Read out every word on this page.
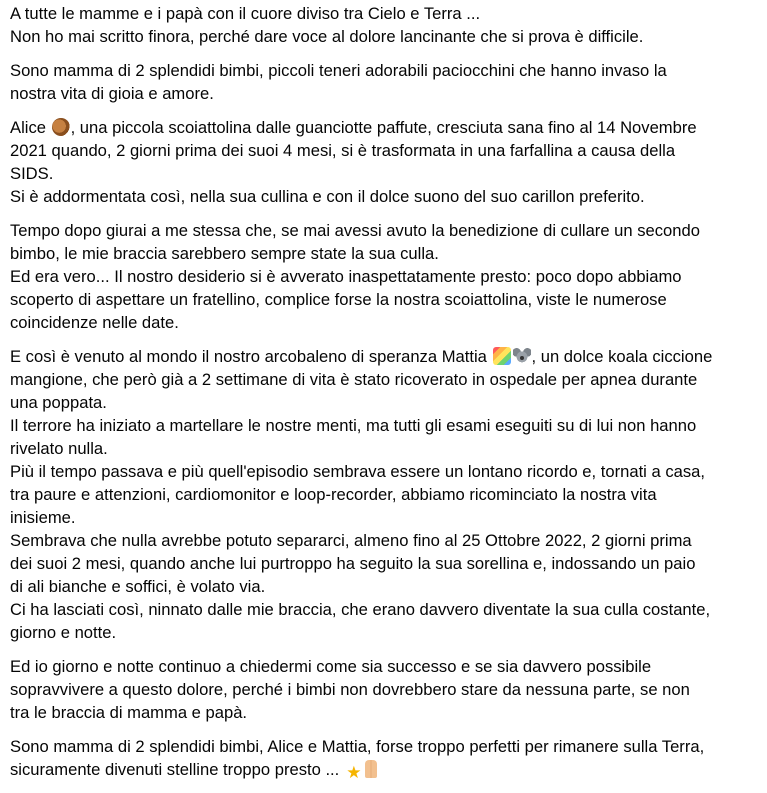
A tutte le mamme e i papà con il cuore diviso tra Cielo e Terra ...
Non ho mai scritto finora, perché dare voce al dolore lancinante che si prova è difficile.
Sono mamma di 2 splendidi bimbi, piccoli teneri adorabili paciocchini che hanno invaso la
nostra vita di gioia e amore.
Alice , una piccola scoiattolina dalle guanciotte paffute, cresciuta sana fino al 14 Novembre
2021 quando, 2 giorni prima dei suoi 4 mesi, si è trasformata in una farfallina a causa della
SIDS.
Si è addormentata così, nella sua cullina e con il dolce suono del suo carillon preferito.
Tempo dopo giurai a me stessa che, se mai avessi avuto la benedizione di cullare un secondo
bimbo, le mie braccia sarebbero sempre state la sua culla.
Ed era vero... Il nostro desiderio si è avverato inaspettatamente presto: poco dopo abbiamo
scoperto di aspettare un fratellino, complice forse la nostra scoiattolina, viste le numerose
coincidenze nelle date.
E così è venuto al mondo il nostro arcobaleno di speranza Mattia , un dolce koala ciccione
mangione, che però già a 2 settimane di vita è stato ricoverato in ospedale per apnea durante
una poppata.
Il terrore ha iniziato a martellare le nostre menti, ma tutti gli esami eseguiti su di lui non hanno
rivelato nulla.
Più il tempo passava e più quell'episodio sembrava essere un lontano ricordo e, tornati a casa,
tra paure e attenzioni, cardiomonitor e loop-recorder, abbiamo ricominciato la nostra vita
inisieme.
Sembrava che nulla avrebbe potuto separarci, almeno fino al 25 Ottobre 2022, 2 giorni prima
dei suoi 2 mesi, quando anche lui purtroppo ha seguito la sua sorellina e, indossando un paio
di ali bianche e soffici, è volato via.
Ci ha lasciati così, ninnato dalle mie braccia, che erano davvero diventate la sua culla costante,
giorno e notte.
Ed io giorno e notte continuo a chiedermi come sia successo e se sia davvero possibile
sopravvivere a questo dolore, perché i bimbi non dovrebbero stare da nessuna parte, se non
tra le braccia di mamma e papà.
Sono mamma di 2 splendidi bimbi, Alice e Mattia, forse troppo perfetti per rimanere sulla Terra,
sicuramente divenuti stelline troppo presto ... ★
